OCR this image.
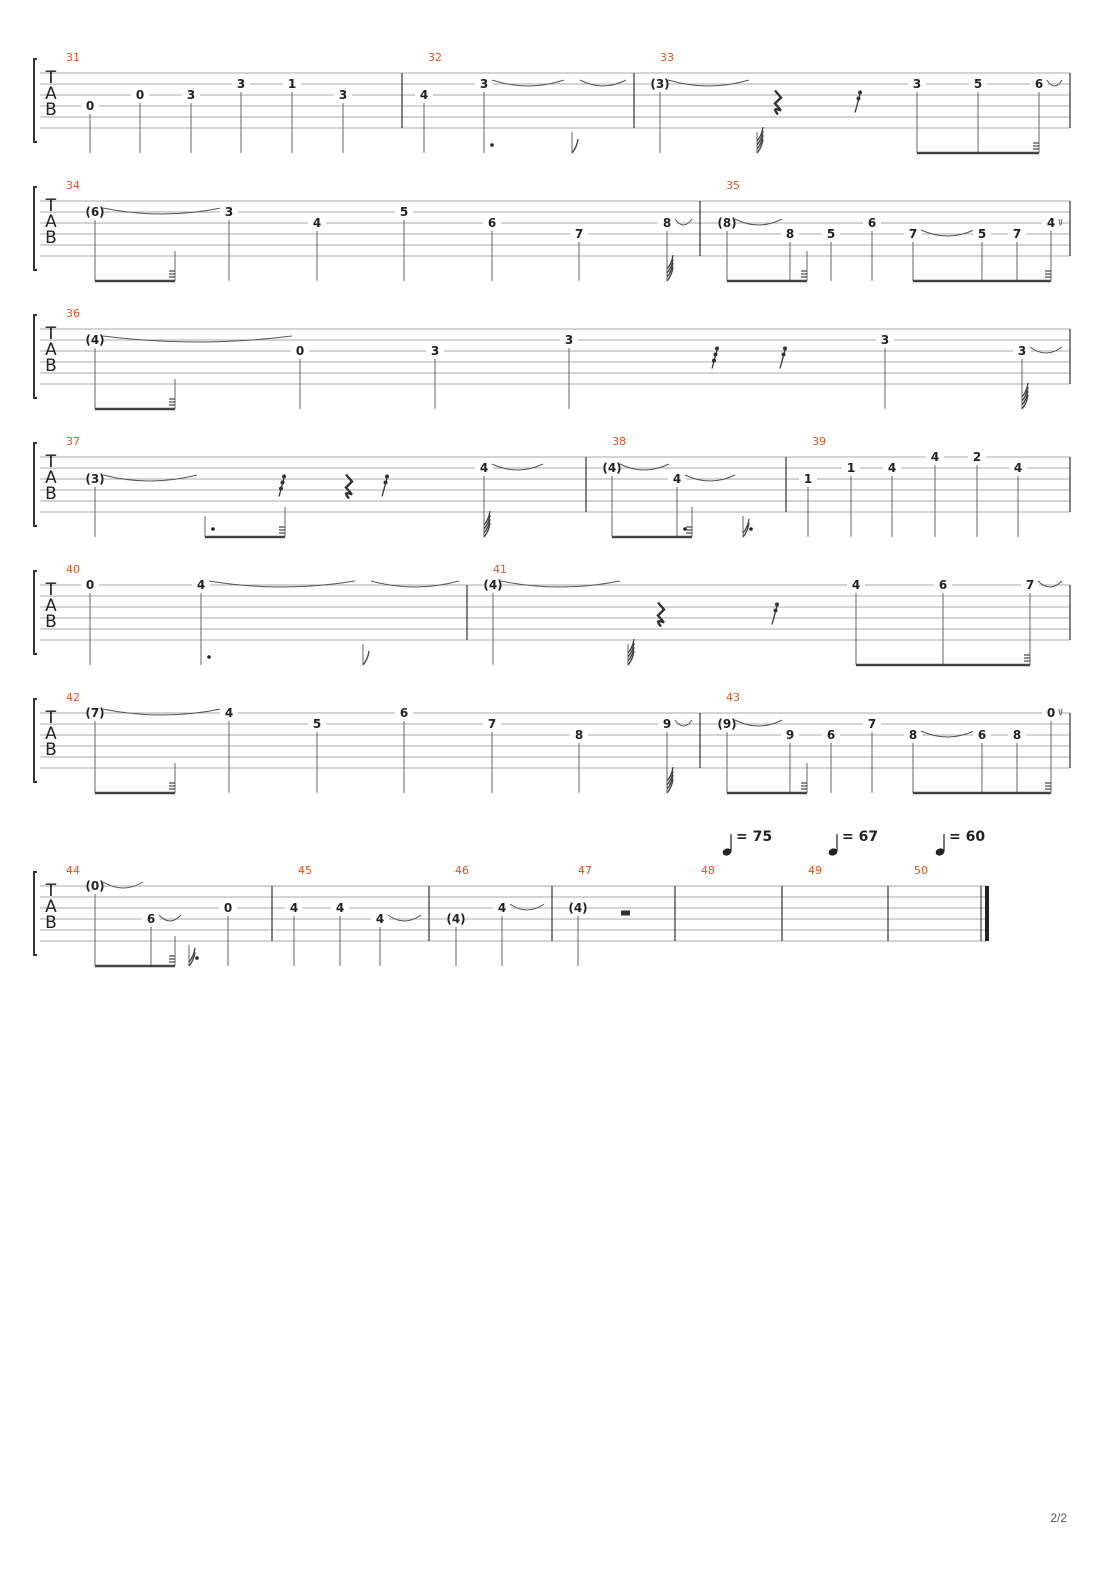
T
A
B
31
0
0	3
3	1
3
32
4
3
33
(3)	3	5	6
T
A
B
34
(6)	3
4
5
6
7
8
35
(8)
8	5
6
7	5 7
4
T
A
B
36
(4)
0	3
3	3
3
T
A
B
37
(3)
4
38
(4)
4
39
1
1	4
4	2
4
T
A
B
40
0	4
41
(4)	4	6	7
T
A
B
42
(7)	4
5
6
7
8
9
43
(9)
9	6
7
8	6 8
0
T
A
B
44
(0)
6
0
45
4	4
4
46
(4)
4
47
(4)
48	49	50
= 75	= 67	= 60
2/2
